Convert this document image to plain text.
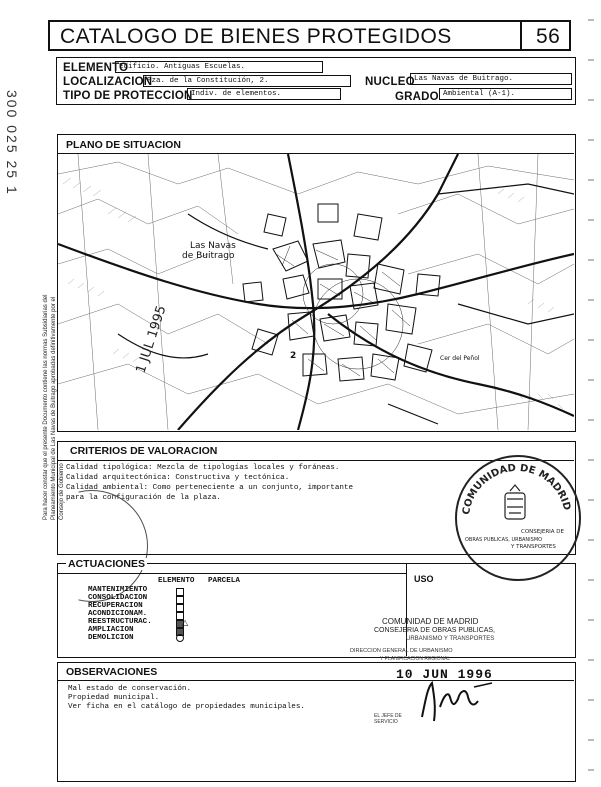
300 025 25 1
Para hacer constar que el presente Documento contiene las normas Subsidiarias del Planeamiento Municipal de Las Navas de Buitrago aprobadas definitivamente por el Consejo de Gobierno
CATALOGO DE BIENES PROTEGIDOS	56
ELEMENTO
Edificio. Antiguas Escuelas.
LOCALIZACION
Pza. de la Constitución, 2.	NUCLEO Las Navas de Buitrago.
TIPO DE PROTECCION
Indiv. de elementos.	GRADO Ambiental (A-1).
PLANO DE SITUACION
Las Navas
de Buitrago
Cer del Peñol
2
1 JUL 1995
CRITERIOS DE VALORACION
Calidad tipológica: Mezcla de tipologías locales y foráneas.
Calidad arquitectónica: Constructiva y tectónica.
Calidad ambiental: Como perteneciente a un conjunto, importante
para la configuración de la plaza.
COMUNIDAD DE MADRID
CONSEJERIA DE
OBRAS PUBLICAS, URBANISMO
Y TRANSPORTES
ACTUACIONES
ELEMENTO PARCELA	USO
MANTENIMIENTO
CONSOLIDACION
RECUPERACION
ACONDICIONAM.
REESTRUCTURAC.	△
AMPLIACION
DEMOLICION
COMUNIDAD DE MADRID
CONSEJERIA DE OBRAS PUBLICAS,
URBANISMO Y TRANSPORTES
DIRECCION GENERAL DE URBANISMO
Y PLANIFICACION REGIONAL
OBSERVACIONES
Mal estado de conservación.
Propiedad municipal.
Ver ficha en el catálogo de propiedades municipales.
10 JUN 1996
EL JEFE DE SERVICIO
